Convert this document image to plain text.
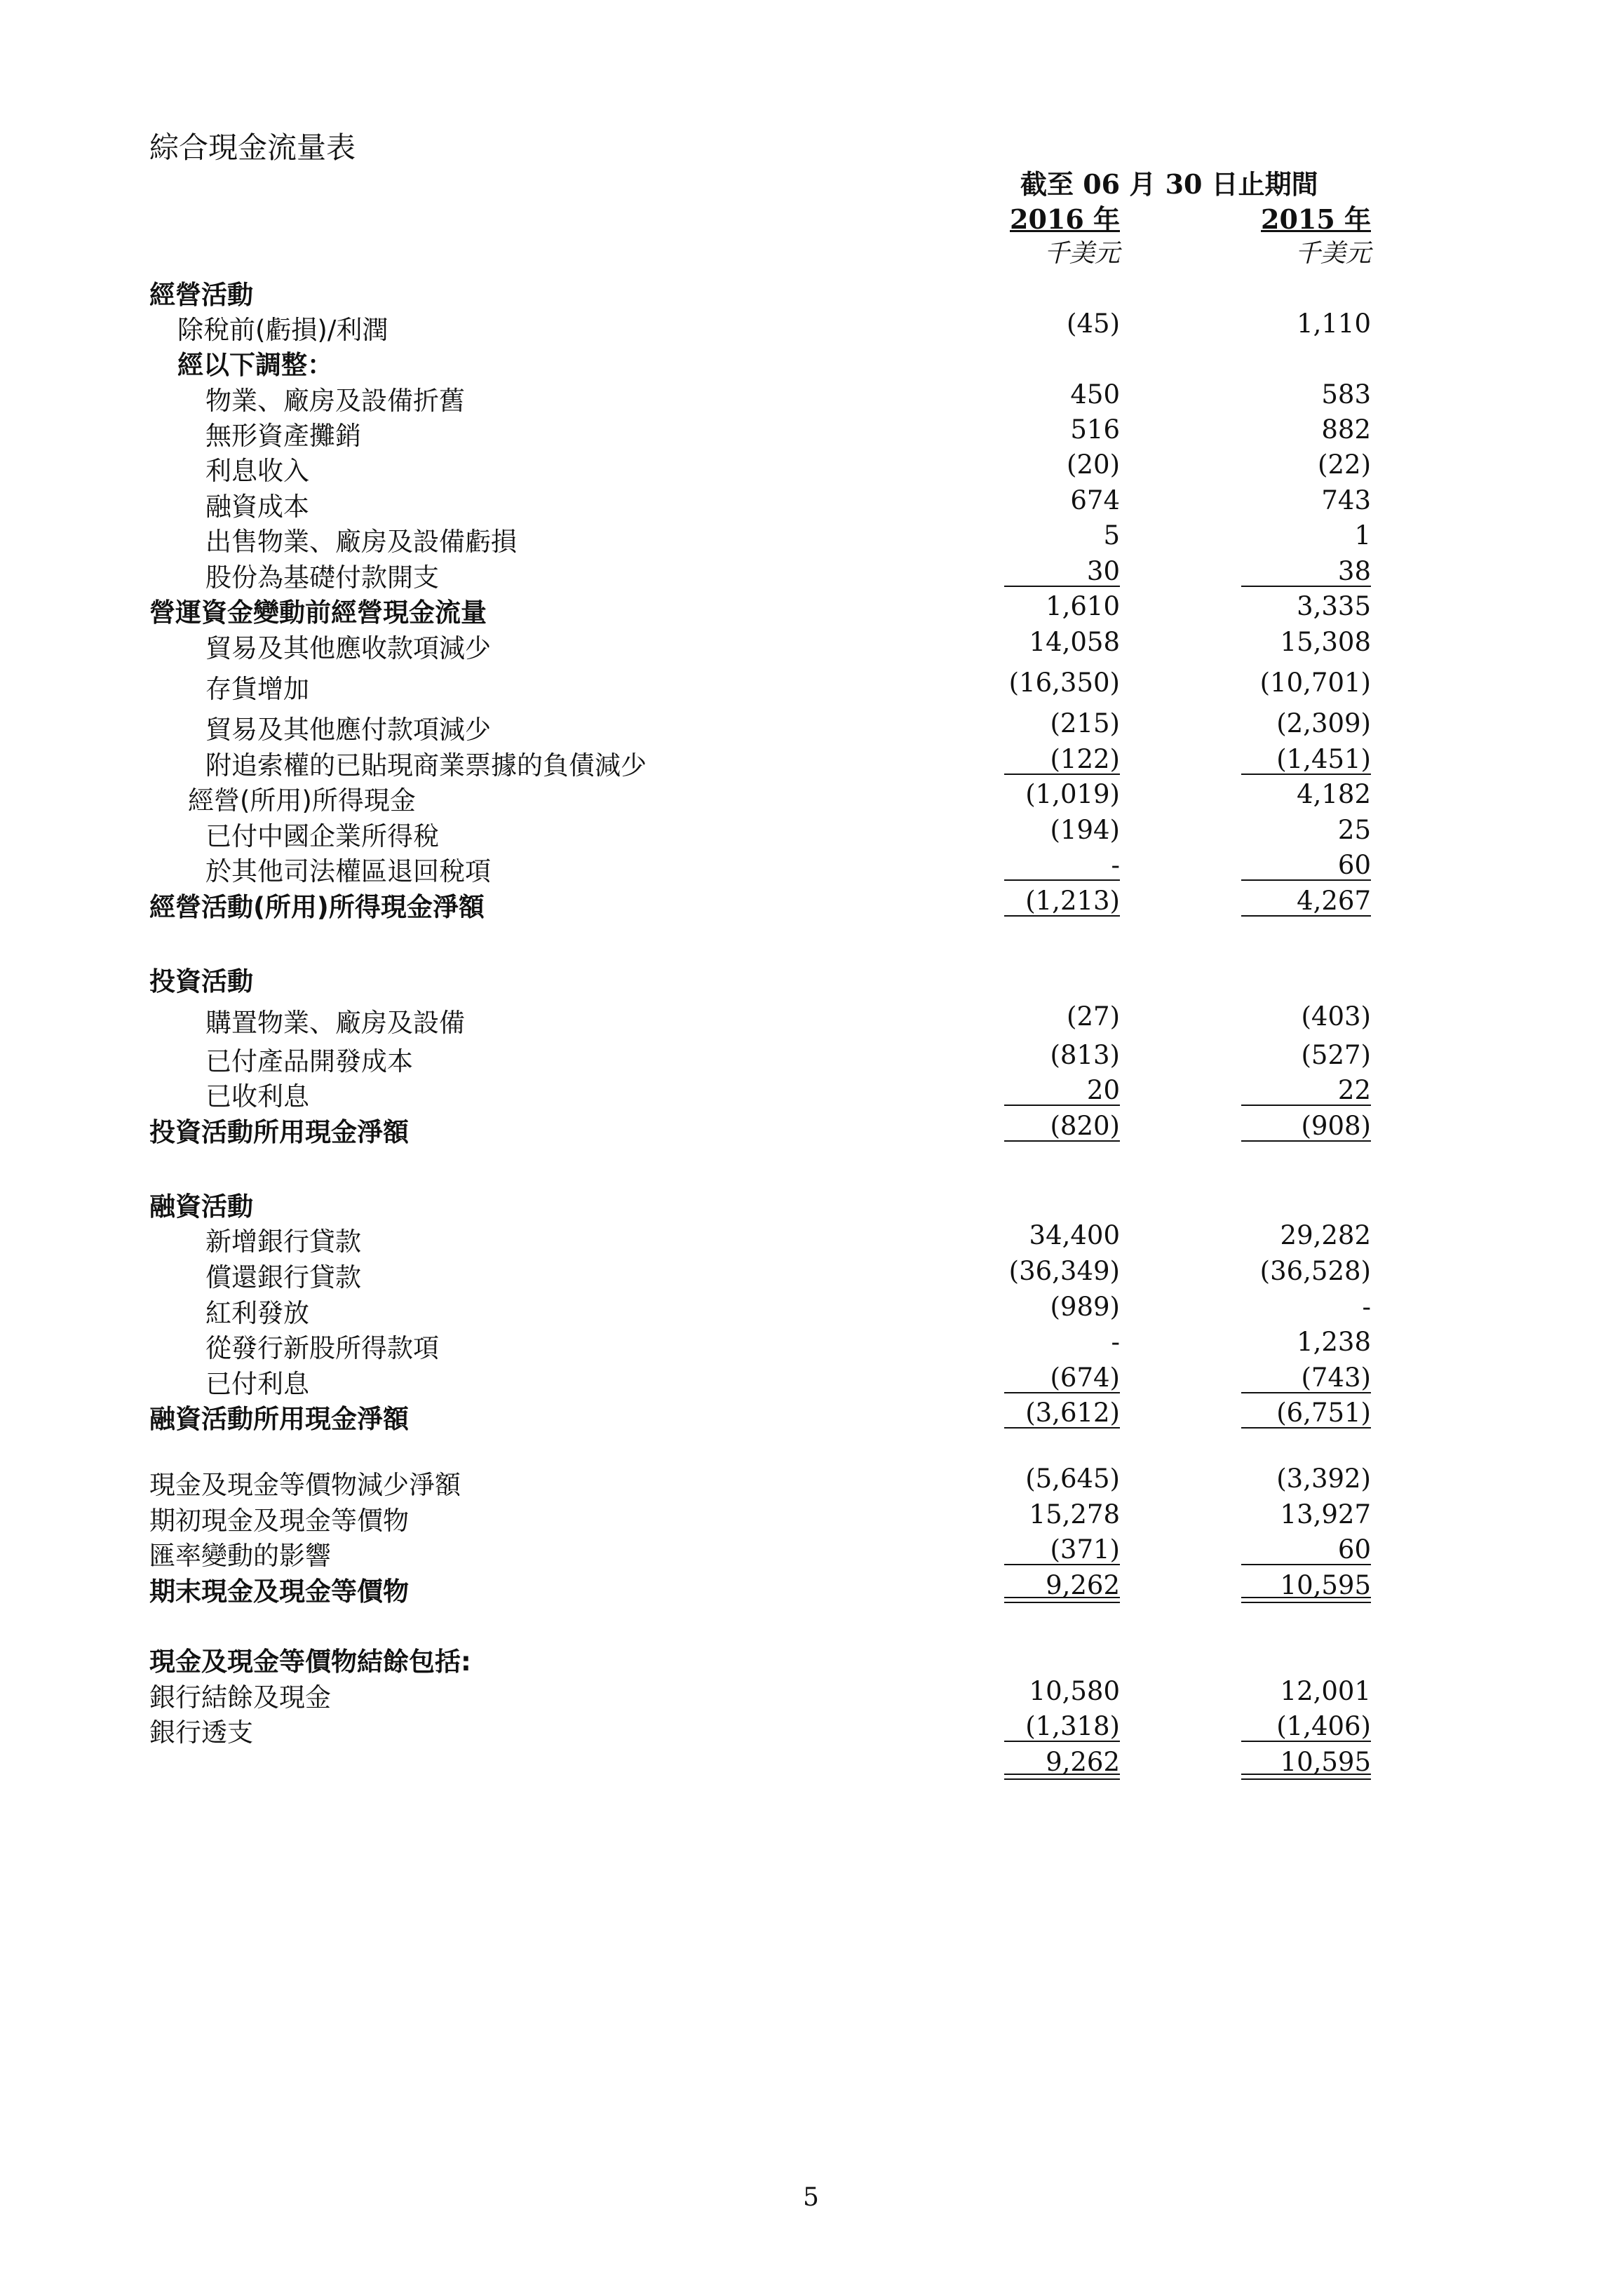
綜合現金流量表
截至 06 月 30 日止期間
2016 年	2015 年
千美元	千美元
經營活動
除稅前(虧損)/利潤	(45)	1,110
經以下調整：
物業、廠房及設備折舊	450	583
無形資產攤銷	516	882
利息收入	(20)	(22)
融資成本	674	743
出售物業、廠房及設備虧損	5	1
股份為基礎付款開支	30	38
營運資金變動前經營現金流量	1,610	3,335
貿易及其他應收款項減少	14,058	15,308
存貨增加	(16,350)	(10,701)
貿易及其他應付款項減少	(215)	(2,309)
附追索權的已貼現商業票據的負債減少	(122)	(1,451)
經營(所用)所得現金	(1,019)	4,182
已付中國企業所得稅	(194)	25
於其他司法權區退回稅項	-	60
經營活動(所用)所得現金淨額	(1,213)	4,267
投資活動
購置物業、廠房及設備	(27)	(403)
已付產品開發成本	(813)	(527)
已收利息	20	22
投資活動所用現金淨額	(820)	(908)
融資活動
新增銀行貸款	34,400	29,282
償還銀行貸款	(36,349)	(36,528)
紅利發放	(989)	-
從發行新股所得款項	-	1,238
已付利息	(674)	(743)
融資活動所用現金淨額	(3,612)	(6,751)
現金及現金等價物減少淨額	(5,645)	(3,392)
期初現金及現金等價物	15,278	13,927
匯率變動的影響	(371)	60
期末現金及現金等價物	9,262	10,595
現金及現金等價物結餘包括:
銀行結餘及現金	10,580	12,001
銀行透支	(1,318)	(1,406)
9,262	10,595
5
